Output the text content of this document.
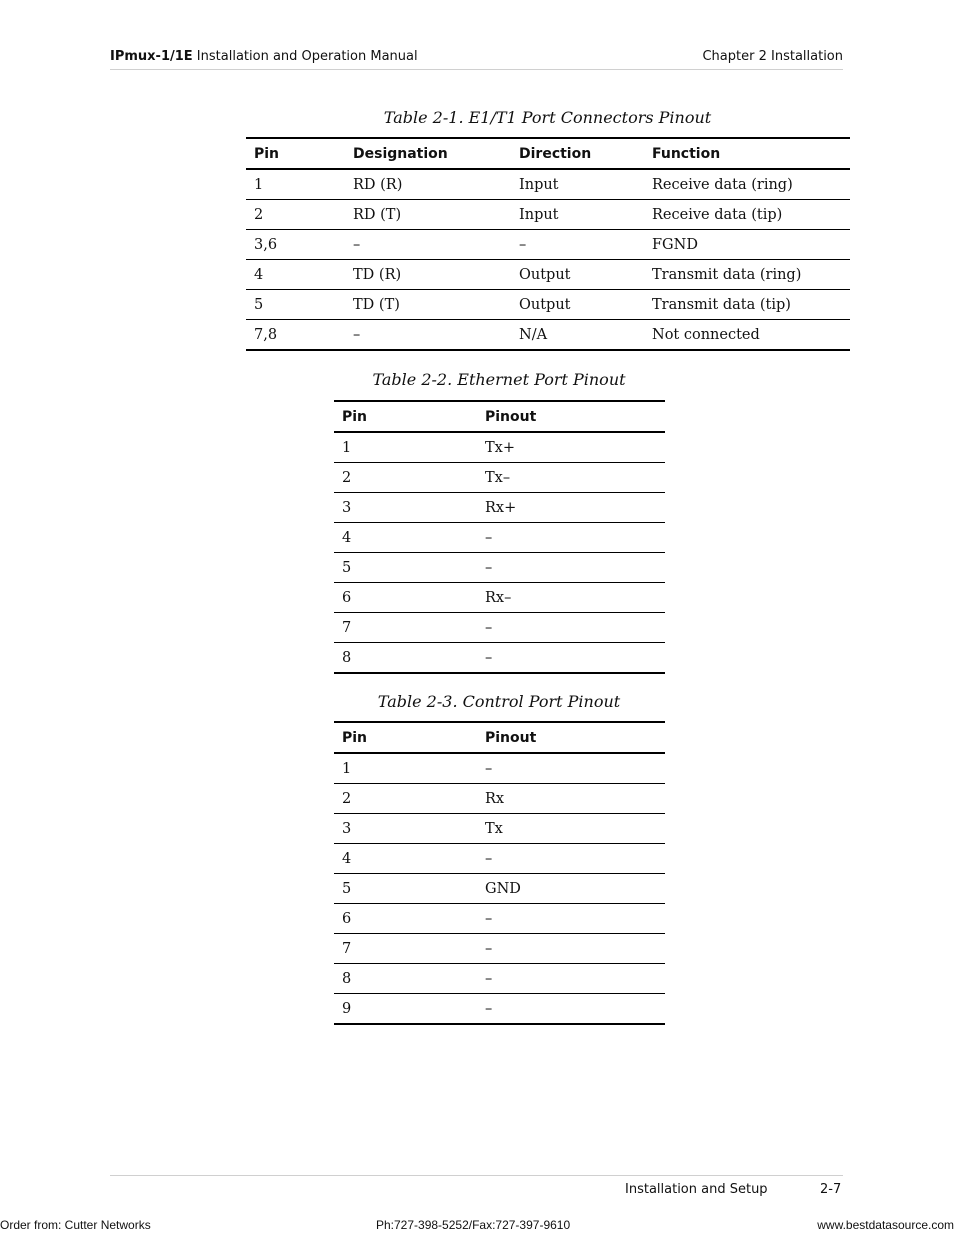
IPmux-1/1E Installation and Operation Manual	Chapter 2 Installation
Table 2-1. E1/T1 Port Connectors Pinout
Pin	Designation	Direction	Function
1	RD (R)	Input	Receive data (ring)
2	RD (T)	Input	Receive data (tip)
3,6	–	–	FGND
4	TD (R)	Output	Transmit data (ring)
5	TD (T)	Output	Transmit data (tip)
7,8	–	N/A	Not connected
Table 2-2. Ethernet Port Pinout
Pin	Pinout
1	Tx+
2	Tx–
3	Rx+
4	–
5	–
6	Rx–
7	–
8	–
Table 2-3. Control Port Pinout
Pin	Pinout
1	–
2	Rx
3	Tx
4	–
5	GND
6	–
7	–
8	–
9	–
Installation and Setup	2-7
Order from: Cutter Networks	Ph:727-398-5252/Fax:727-397-9610	www.bestdatasource.com
